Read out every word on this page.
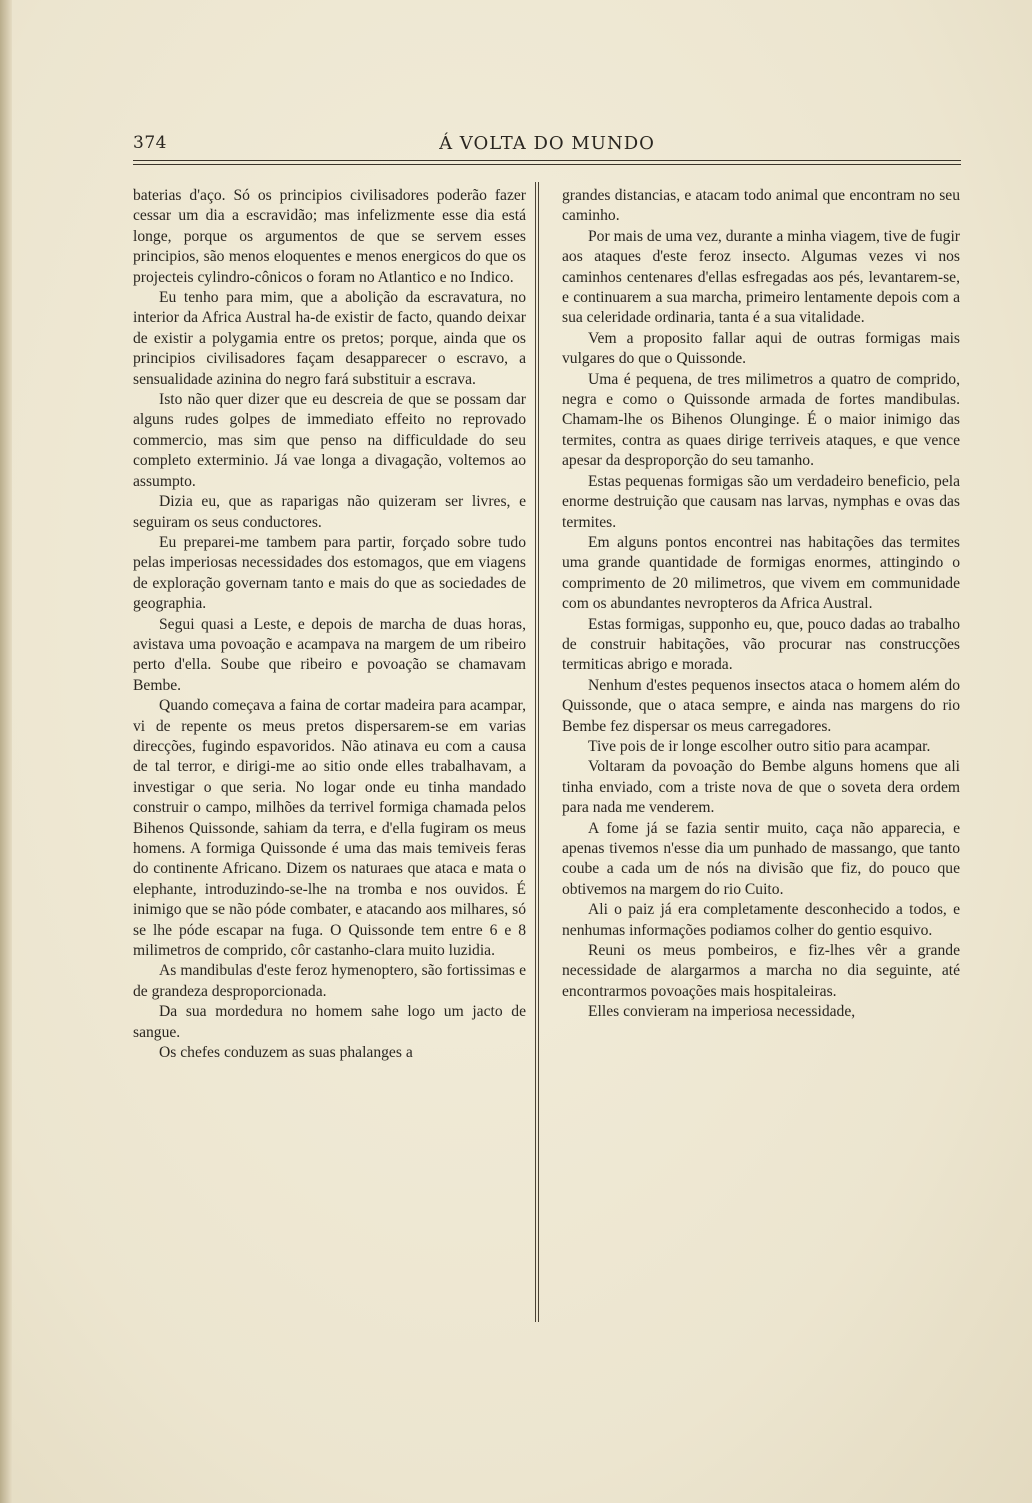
374	Á VOLTA DO MUNDO

baterias d'aço. Só os principios civilisadores poderão fazer cessar um dia a escravidão; mas infelizmente esse dia está longe, porque os argumentos de que se servem esses principios, são menos eloquentes e menos energicos do que os projecteis cylindro-cônicos o foram no Atlantico e no Indico.

Eu tenho para mim, que a abolição da escravatura, no interior da Africa Austral ha-de existir de facto, quando deixar de existir a polygamia entre os pretos; porque, ainda que os principios civilisadores façam desapparecer o escravo, a sensualidade azinina do negro fará substituir a escrava.

Isto não quer dizer que eu descreia de que se possam dar alguns rudes golpes de immediato effeito no reprovado commercio, mas sim que penso na difficuldade do seu completo exterminio. Já vae longa a divagação, voltemos ao assumpto.

Dizia eu, que as raparigas não quizeram ser livres, e seguiram os seus conductores.

Eu preparei-me tambem para partir, forçado sobre tudo pelas imperiosas necessidades dos estomagos, que em viagens de exploração governam tanto e mais do que as sociedades de geographia.

Segui quasi a Leste, e depois de marcha de duas horas, avistava uma povoação e acampava na margem de um ribeiro perto d'ella. Soube que ribeiro e povoação se chamavam Bembe.

Quando começava a faina de cortar madeira para acampar, vi de repente os meus pretos dispersarem-se em varias direcções, fugindo espavoridos. Não atinava eu com a causa de tal terror, e dirigi-me ao sitio onde elles trabalhavam, a investigar o que seria. No logar onde eu tinha mandado construir o campo, milhões da terrivel formiga chamada pelos Bihenos Quissonde, sahiam da terra, e d'ella fugiram os meus homens. A formiga Quissonde é uma das mais temiveis feras do continente Africano. Dizem os naturaes que ataca e mata o elephante, introduzindo-se-lhe na tromba e nos ouvidos. É inimigo que se não póde combater, e atacando aos milhares, só se lhe póde escapar na fuga. O Quissonde tem entre 6 e 8 milimetros de comprido, côr castanho-clara muito luzidia.

As mandibulas d'este feroz hymenoptero, são fortissimas e de grandeza desproporcionada.

Da sua mordedura no homem sahe logo um jacto de sangue.

Os chefes conduzem as suas phalanges a

grandes distancias, e atacam todo animal que encontram no seu caminho.

Por mais de uma vez, durante a minha viagem, tive de fugir aos ataques d'este feroz insecto. Algumas vezes vi nos caminhos centenares d'ellas esfregadas aos pés, levantarem-se, e continuarem a sua marcha, primeiro lentamente depois com a sua celeridade ordinaria, tanta é a sua vitalidade.

Vem a proposito fallar aqui de outras formigas mais vulgares do que o Quissonde.

Uma é pequena, de tres milimetros a quatro de comprido, negra e como o Quissonde armada de fortes mandibulas. Chamam-lhe os Bihenos Olunginge. É o maior inimigo das termites, contra as quaes dirige terriveis ataques, e que vence apesar da desproporção do seu tamanho.

Estas pequenas formigas são um verdadeiro beneficio, pela enorme destruição que causam nas larvas, nymphas e ovas das termites.

Em alguns pontos encontrei nas habitações das termites uma grande quantidade de formigas enormes, attingindo o comprimento de 20 milimetros, que vivem em communidade com os abundantes nevropteros da Africa Austral.

Estas formigas, supponho eu, que, pouco dadas ao trabalho de construir habitações, vão procurar nas construcções termiticas abrigo e morada.

Nenhum d'estes pequenos insectos ataca o homem além do Quissonde, que o ataca sempre, e ainda nas margens do rio Bembe fez dispersar os meus carregadores.

Tive pois de ir longe escolher outro sitio para acampar.

Voltaram da povoação do Bembe alguns homens que ali tinha enviado, com a triste nova de que o soveta dera ordem para nada me venderem.

A fome já se fazia sentir muito, caça não apparecia, e apenas tivemos n'esse dia um punhado de massango, que tanto coube a cada um de nós na divisão que fiz, do pouco que obtivemos na margem do rio Cuito.

Ali o paiz já era completamente desconhecido a todos, e nenhumas informações podiamos colher do gentio esquivo.

Reuni os meus pombeiros, e fiz-lhes vêr a grande necessidade de alargarmos a marcha no dia seguinte, até encontrarmos povoações mais hospitaleiras.

Elles convieram na imperiosa necessidade,
